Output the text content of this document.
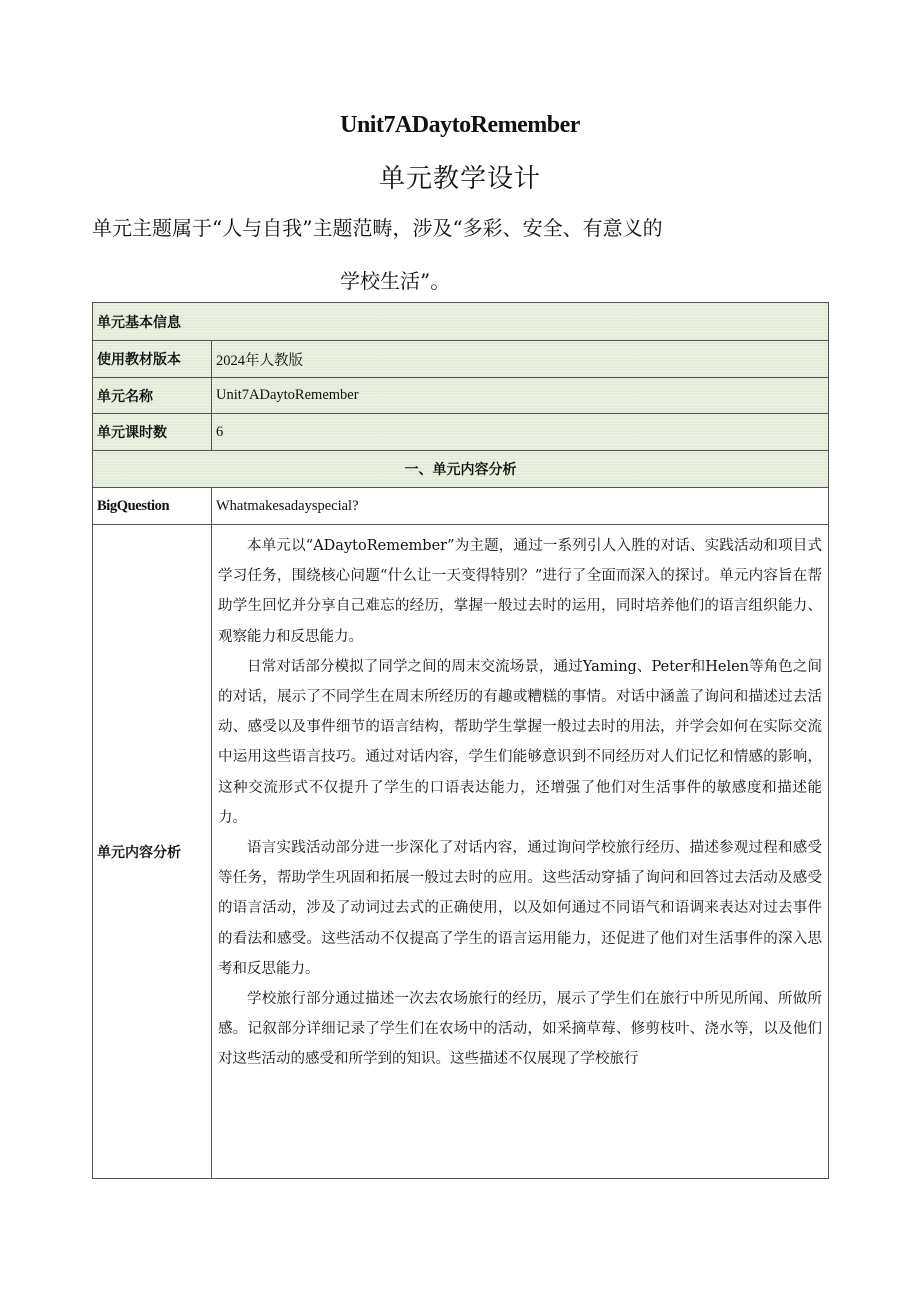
Unit7ADaytoRemember
单元教学设计
单元主题属于“人与自我”主题范畴，涉及“多彩、安全、有意义的
学校生活”。
单元基本信息	
使用教材版本	2024年人教版
单元名称	Unit7ADaytoRemember
单元课时数	6
一、单元内容分析	
BigQuestion	Whatmakesadayspecial?
单元内容分析	本单元以“ADaytoRemember”为主题，通过一系列引人入胜的对话、实践活动和项目式学习任务，围绕核心问题“什么让一天变得特别？”进行了全面而深入的探讨。单元内容旨在帮助学生回忆并分享自己难忘的经历，掌握一般过去时的运用，同时培养他们的语言组织能力、观察能力和反思能力。

日常对话部分模拟了同学之间的周末交流场景，通过Yaming、Peter和Helen等角色之间的对话，展示了不同学生在周末所经历的有趣或糟糕的事情。对话中涵盖了询问和描述过去活动、感受以及事件细节的语言结构，帮助学生掌握一般过去时的用法，并学会如何在实际交流中运用这些语言技巧。通过对话内容，学生们能够意识到不同经历对人们记忆和情感的影响，这种交流形式不仅提升了学生的口语表达能力，还增强了他们对生活事件的敏感度和描述能力。

语言实践活动部分进一步深化了对话内容，通过询问学校旅行经历、描述参观过程和感受等任务，帮助学生巩固和拓展一般过去时的应用。这些活动穿插了询问和回答过去活动及感受的语言活动，涉及了动词过去式的正确使用，以及如何通过不同语气和语调来表达对过去事件的看法和感受。这些活动不仅提高了学生的语言运用能力，还促进了他们对生活事件的深入思考和反思能力。

学校旅行部分通过描述一次去农场旅行的经历，展示了学生们在旅行中所见所闻、所做所感。记叙部分详细记录了学生们在农场中的活动，如采摘草莓、修剪枝叶、浇水等，以及他们对这些活动的感受和所学到的知识。这些描述不仅展现了学校旅行
